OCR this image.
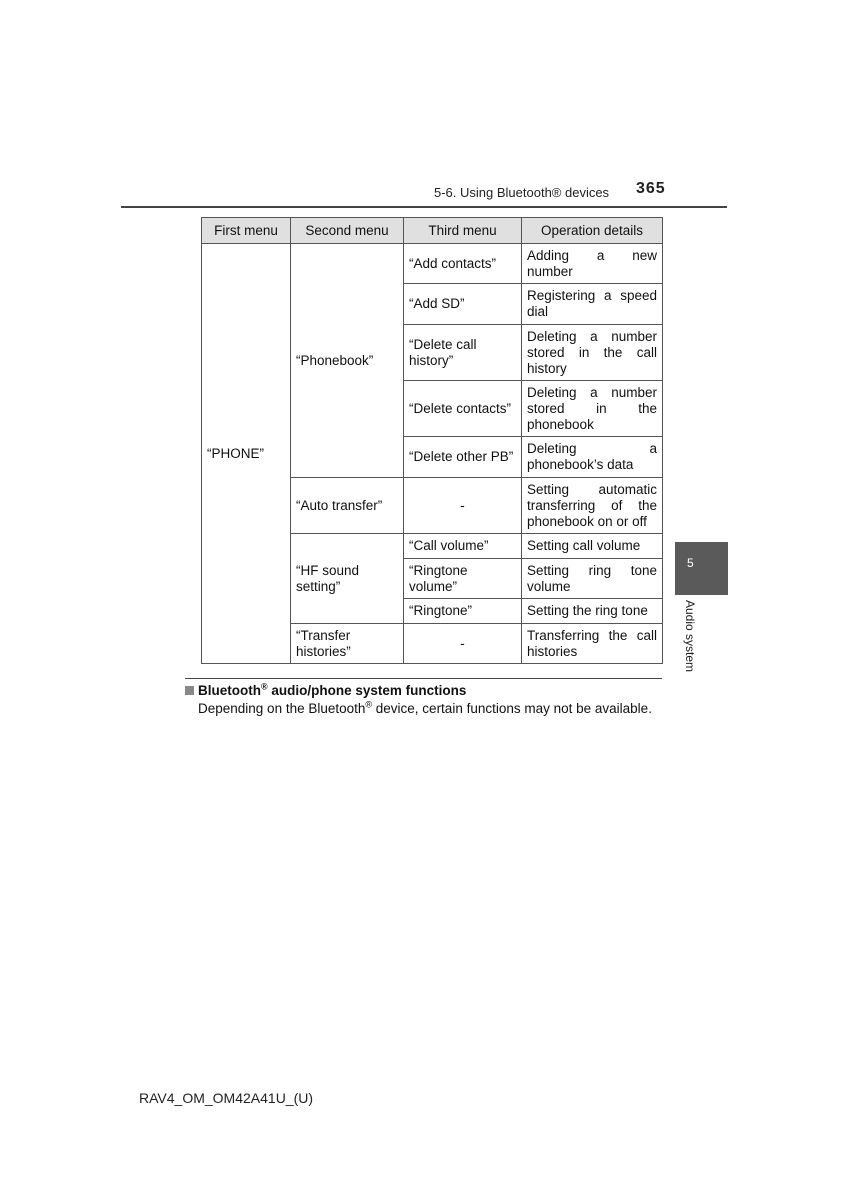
5-6. Using Bluetooth® devices 365
First menu	Second menu	Third menu	Operation details
“PHONE”	“Phonebook”	“Add contacts”	Adding a new number
		“Add SD”	Registering a speed dial
		“Delete call history”	Deleting a number stored in the call history
		“Delete contacts”	Deleting a number stored in the phonebook
		“Delete other PB”	Deleting a phonebook’s data
	“Auto transfer”	-	Setting automatic transferring of the phonebook on or off
	“HF sound setting”	“Call volume”	Setting call volume
		“Ringtone volume”	Setting ring tone volume
		“Ringtone”	Setting the ring tone
	“Transfer histories”	-	Transferring the call histories
5
Audio system
Bluetooth® audio/phone system functions
Depending on the Bluetooth® device, certain functions may not be available.
RAV4_OM_OM42A41U_(U)
